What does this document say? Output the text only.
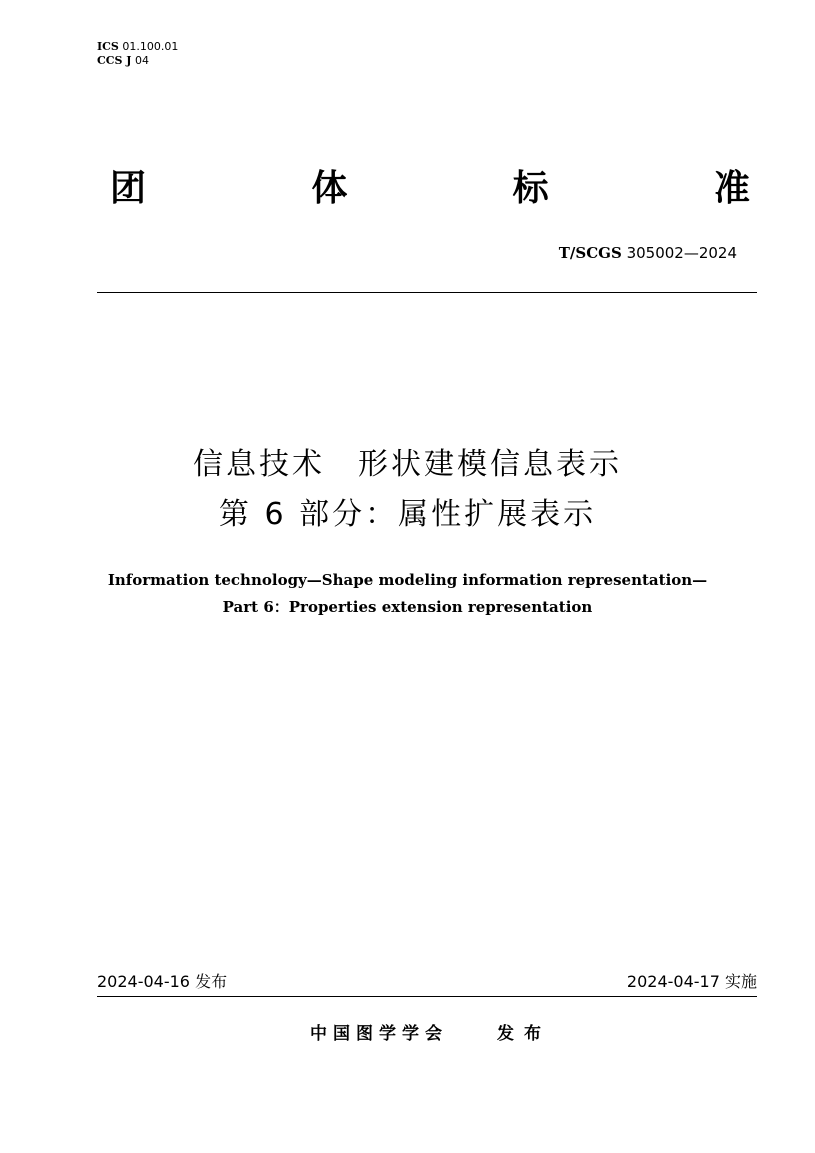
ICS 01.100.01
CCS J 04
团	体	标	准
T/SCGS 305002—2024
信息技术　形状建模信息表示
第 6 部分：属性扩展表示
Information technology—Shape modeling information representation—
Part 6：Properties extension representation
2024-04-16 发布	2024-04-17 实施
中国图学学会	发布
